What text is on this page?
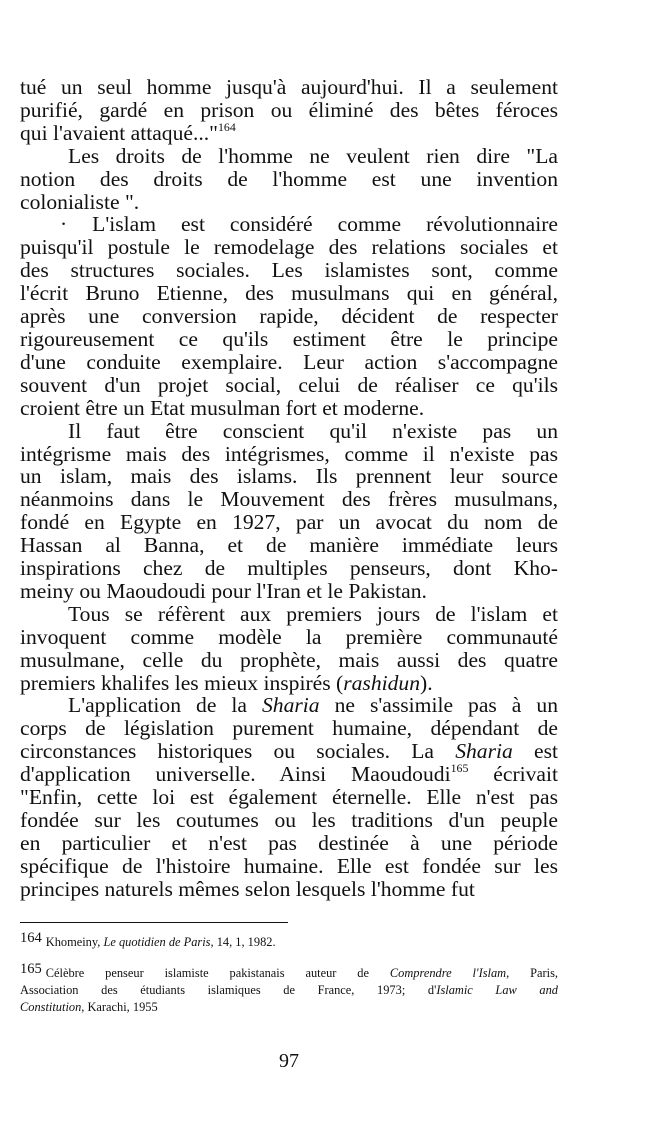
tué un seul homme jusqu'à aujourd'hui. Il a seulement
purifié, gardé en prison ou éliminé des bêtes féroces
qui l'avaient attaqué..."$^{164}$
Les droits de l'homme ne veulent rien dire "La
notion des droits de l'homme est une invention
colonialiste ".
· L'islam est considéré comme révolutionnaire
puisqu'il postule le remodelage des relations sociales et
des structures sociales. Les islamistes sont, comme
l'écrit Bruno Etienne, des musulmans qui en général,
après une conversion rapide, décident de respecter
rigoureusement ce qu'ils estiment être le principe
d'une conduite exemplaire. Leur action s'accompagne
souvent d'un projet social, celui de réaliser ce qu'ils
croient être un Etat musulman fort et moderne.
Il faut être conscient qu'il n'existe pas un
intégrisme mais des intégrismes, comme il n'existe pas
un islam, mais des islams. Ils prennent leur source
néanmoins dans le Mouvement des frères musulmans,
fondé en Egypte en 1927, par un avocat du nom de
Hassan al Banna, et de manière immédiate leurs
inspirations chez de multiples penseurs, dont Kho-
meiny ou Maoudoudi pour l'Iran et le Pakistan.
Tous se réfèrent aux premiers jours de l'islam et
invoquent comme modèle la première communauté
musulmane, celle du prophète, mais aussi des quatre
premiers khalifes les mieux inspirés (rashidun).
L'application de la Sharia ne s'assimile pas à un
corps de législation purement humaine, dépendant de
circonstances historiques ou sociales. La Sharia est
d'application universelle. Ainsi Maoudoudi$^{165}$ écrivait
"Enfin, cette loi est également éternelle. Elle n'est pas
fondée sur les coutumes ou les traditions d'un peuple
en particulier et n'est pas destinée à une période
spécifique de l'histoire humaine. Elle est fondée sur les
principes naturels mêmes selon lesquels l'homme fut
164 Khomeiny, Le quotidien de Paris, 14, 1, 1982.
165 Célèbre penseur islamiste pakistanais auteur de Comprendre l'Islam, Paris,
Association des étudiants islamiques de France, 1973; d'Islamic Law and
Constitution, Karachi, 1955
97
